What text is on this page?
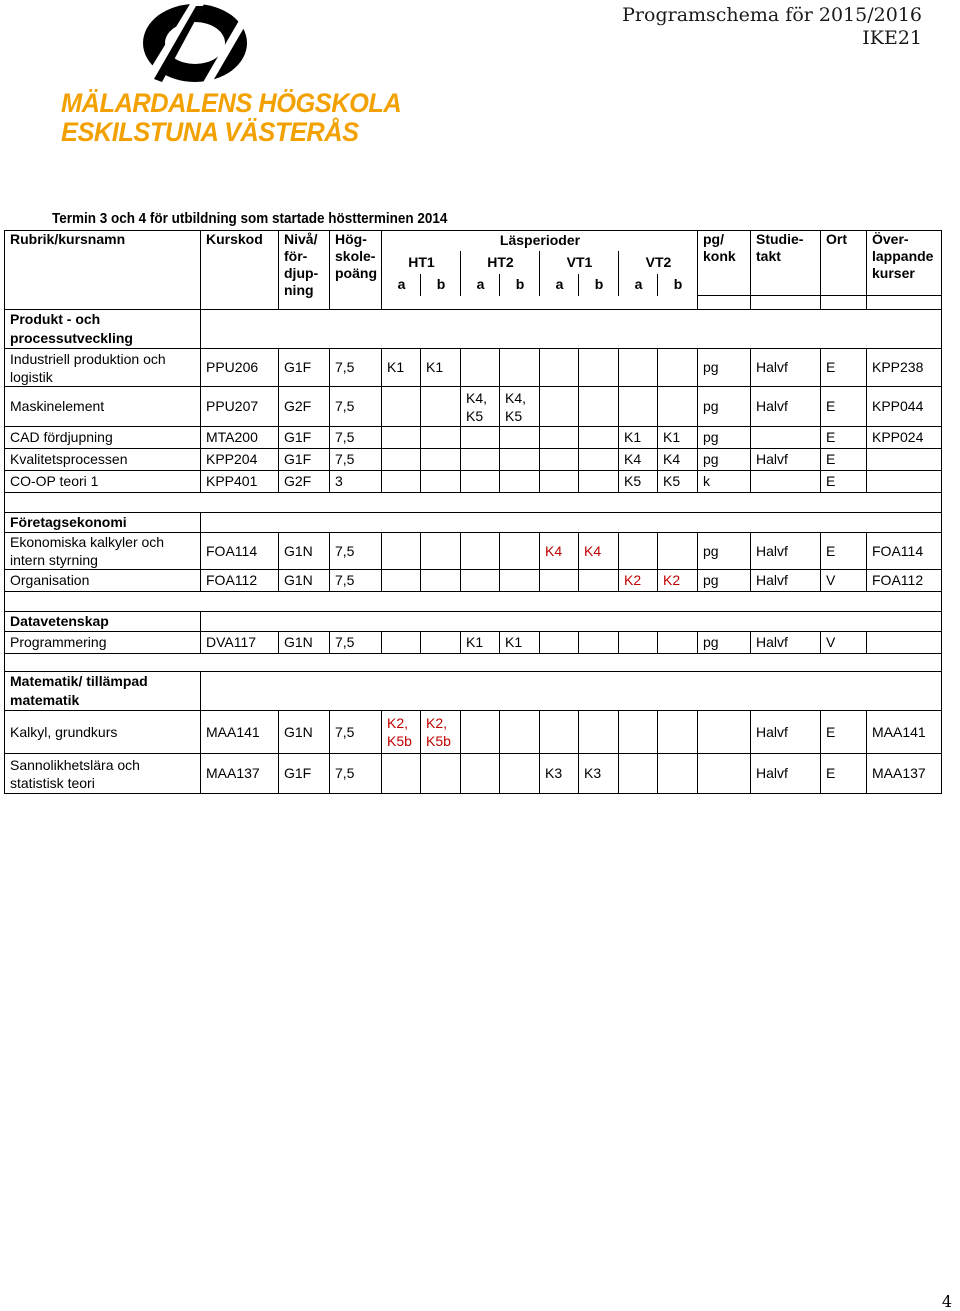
Programschema för 2015/2016
IKE21
MÄLARDALENS HÖGSKOLA
ESKILSTUNA VÄSTERÅS
Termin 3 och 4 för utbildning som startade höstterminen 2014
Rubrik/kursnamn	Kurskod	Nivå/
för-
djup-
ning	Hög-
skole-
poäng	Läsperioder								pg/
konk	Studie-
takt	Ort	Över-
lappande
kurser
				HT1		HT2		VT1		VT2					
				a	b	a	b	a	b	a	b				

Produkt - och processutveckling															
Industriell produktion och logistik	PPU206	G1F	7,5	K1	K1							pg	Halvf	E	KPP238
Maskinelement	PPU207	G2F	7,5			K4, K5	K4, K5					pg	Halvf	E	KPP044
CAD fördjupning	MTA200	G1F	7,5							K1	K1	pg		E	KPP024
Kvalitetsprocessen	KPP204	G1F	7,5							K4	K4	pg	Halvf	E	
CO-OP teori 1	KPP401	G2F	3							K5	K5	k		E	

Företagsekonomi															
Ekonomiska kalkyler och intern styrning	FOA114	G1N	7,5					K4	K4			pg	Halvf	E	FOA114
Organisation	FOA112	G1N	7,5							K2	K2	pg	Halvf	V	FOA112

Datavetenskap															
Programmering	DVA117	G1N	7,5			K1	K1					pg	Halvf	V	

Matematik/ tillämpad matematik															
Kalkyl, grundkurs	MAA141	G1N	7,5	K2, K5b	K2, K5b								Halvf	E	MAA141
Sannolikhetslära och statistisk teori	MAA137	G1F	7,5					K3	K3				Halvf	E	MAA137
4
